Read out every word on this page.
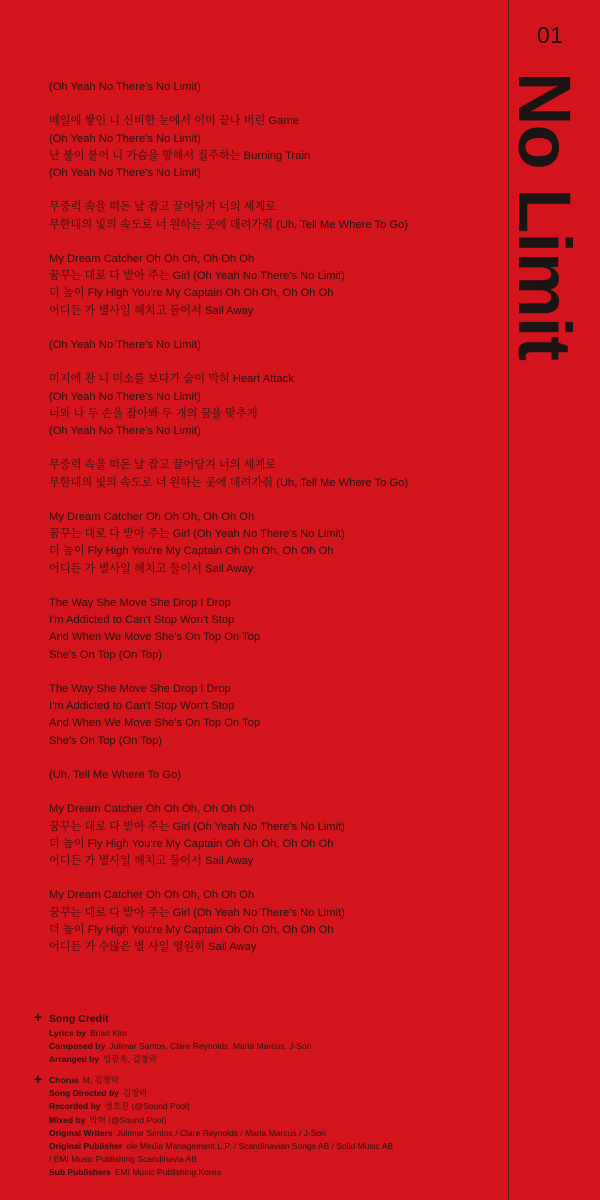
01
No Limit
(Oh Yeah No There's No Limit)
베일에 쌓인 니 신비한 눈에서 이미 끝나 버린 Game
(Oh Yeah No There's No Limit)
난 불이 붙어 니 가슴을 향해서 질주하는 Burning Train
(Oh Yeah No There's No Limit)
무중력 속을 떠돈 날 잡고 끌어당겨 너의 세계로
무한대의 빛의 속도로 너 원하는 곳에 데려가줘 (Uh, Tell Me Where To Go)
My Dream Catcher Oh Oh Oh, Oh Oh Oh
꿈꾸는 대로 다 받아 주는 Girl (Oh Yeah No There's No Limit)
더 높이 Fly High You're My Captain Oh Oh Oh, Oh Oh Oh
어디든 가 별사일 헤치고 돌이서 Sail Away
(Oh Yeah No There's No Limit)
미지에 찬 니 미소를 보다가 숨이 막혀 Heart Attack
(Oh Yeah No There's No Limit)
너와 나 두 손을 잡아봐 두 개의 꿈을 맞추게
(Oh Yeah No There's No Limit)
무중력 속을 떠돈 날 잡고 끌어당겨 너의 세계로
무한대의 빛의 속도로 너 원하는 곳에 데려가줘 (Uh, Tell Me Where To Go)
My Dream Catcher Oh Oh Oh, Oh Oh Oh
꿈꾸는 대로 다 받아 주는 Girl (Oh Yeah No There's No Limit)
더 높이 Fly High You're My Captain Oh Oh Oh, Oh Oh Oh
어디든 가 별사일 헤치고 둘이서 Sail Away
The Way She Move She Drop I Drop
I'm Addicted to Can't Stop Won't Stop
And When We Move She's On Top On Top
She's On Top (On Top)
The Way She Move She Drop I Drop
I'm Addicted to Can't Stop Won't Stop
And When We Move She's On Top On Top
She's On Top (On Top)
(Uh, Tell Me Where To Go)
My Dream Catcher Oh Oh Oh, Oh Oh Oh
꿈꾸는 대로 다 받아 주는 Girl (Oh Yeah No There's No Limit)
더 높이 Fly High You're My Captain Oh Oh Oh, Oh Oh Oh
어디든 가 별사일 헤치고 둘이서 Sail Away
My Dream Catcher Oh Oh Oh, Oh Oh Oh
꿈꾸는 대로 다 받아 주는 Girl (Oh Yeah No There's No Limit)
더 높이 Fly High You're My Captain Oh Oh Oh, Oh Oh Oh
어디든 가 수많은 별 사일 영원히 Sail Away
+ Song Credit
Lyrics by Brian Kim
Composed by Julimar Santos, Clare Reynolds, Maria Marcus, J-Son
Arranged by 임광욱, 김창락
+ Chorus M, 김창락
Song Directed by 김창락
Recorded by 정호진 (@Sound Pool)
Mixed by 박혁 (@Sound Pool)
Original Writers Julimar Santos / Clare Reynolds / Maria Marcus / J-Son
Original Publisher ole Media Management L.P. / Scandinavian Songs AB / Solid Music AB
/ EMI Music Publishing Scandinavia AB
Sub Publishers EMI Music Publishing Korea
